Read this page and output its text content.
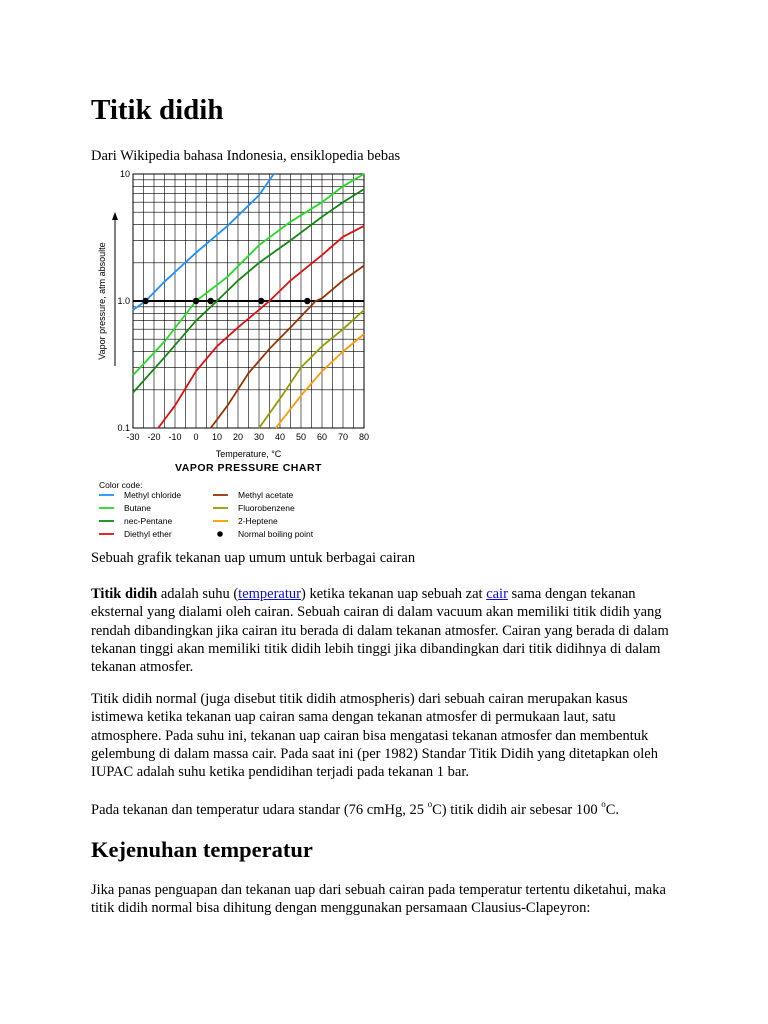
Titik didih
Dari Wikipedia bahasa Indonesia, ensiklopedia bebas
-30 -20 -10 0 10 20 30 40 50 60 70 80
0.1
1.0
10
Vapor pressure, atm absoulte
Temperature, °C
VAPOR PRESSURE CHART
Color code:
Methyl chloride
Butane
nec-Pentane
Diethyl ether
Methyl acetate
Fluorobenzene
2-Heptene
Normal boiling point
Sebuah grafik tekanan uap umum untuk berbagai cairan

Titik didih adalah suhu (temperatur) ketika tekanan uap sebuah zat cair sama dengan tekanan eksternal yang dialami oleh cairan. Sebuah cairan di dalam vacuum akan memiliki titik didih yang rendah dibandingkan jika cairan itu berada di dalam tekanan atmosfer. Cairan yang berada di dalam tekanan tinggi akan memiliki titik didih lebih tinggi jika dibandingkan dari titik didihnya di dalam tekanan atmosfer.

Titik didih normal (juga disebut titik didih atmospheris) dari sebuah cairan merupakan kasus istimewa ketika tekanan uap cairan sama dengan tekanan atmosfer di permukaan laut, satu atmosphere. Pada suhu ini, tekanan uap cairan bisa mengatasi tekanan atmosfer dan membentuk gelembung di dalam massa cair. Pada saat ini (per 1982) Standar Titik Didih yang ditetapkan oleh IUPAC adalah suhu ketika pendidihan terjadi pada tekanan 1 bar.

Pada tekanan dan temperatur udara standar (76 cmHg, 25 $^o$C) titik didih air sebesar 100 $^o$C.

Kejenuhan temperatur

Jika panas penguapan dan tekanan uap dari sebuah cairan pada temperatur tertentu diketahui, maka titik didih normal bisa dihitung dengan menggunakan persamaan Clausius-Clapeyron:
